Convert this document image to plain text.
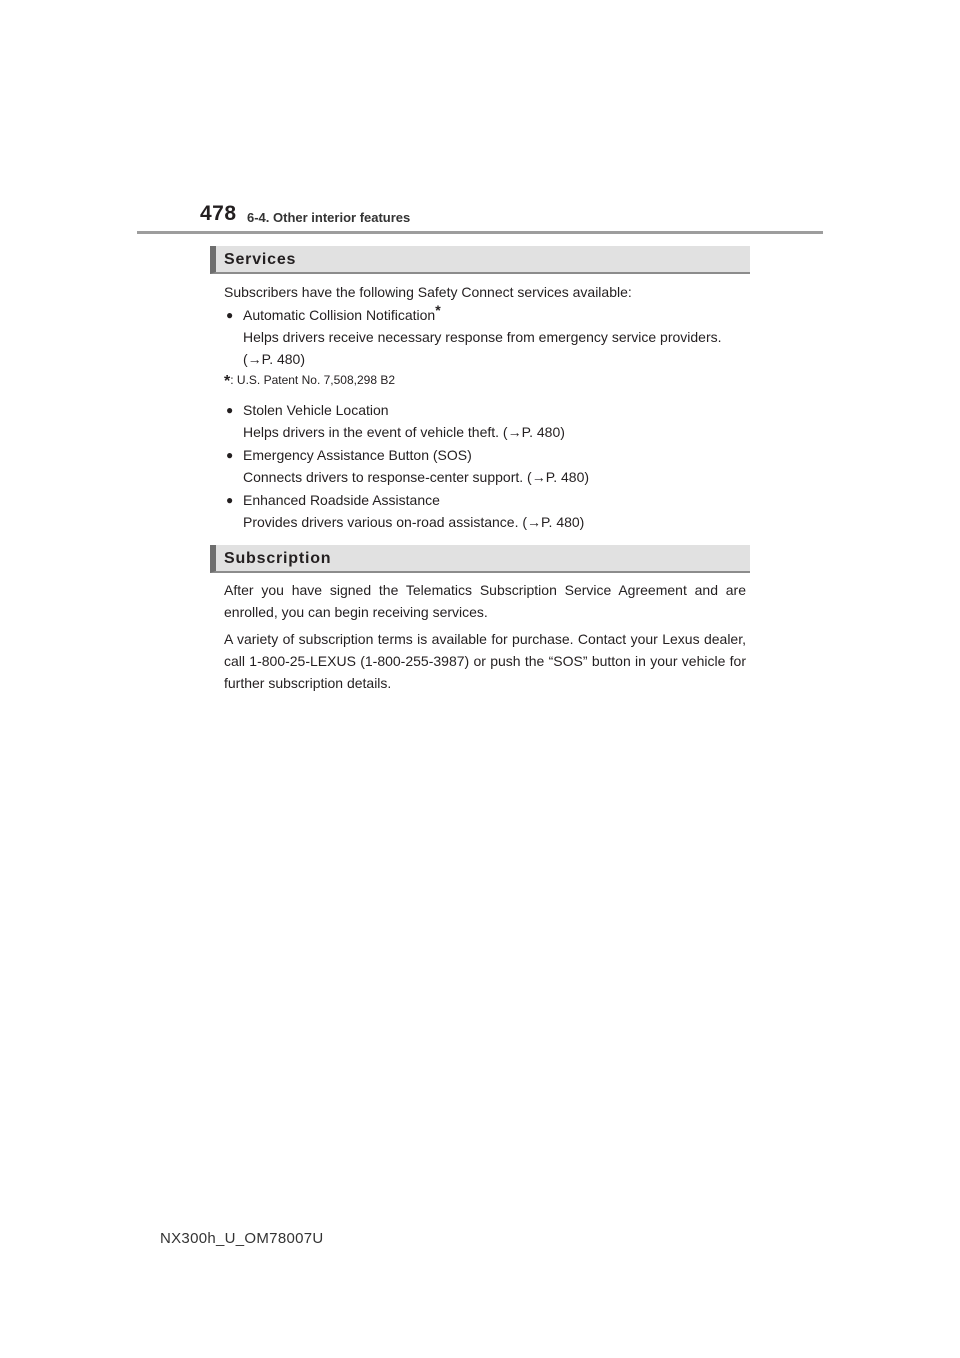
478 6-4. Other interior features
Services
Subscribers have the following Safety Connect services available:
● Automatic Collision Notification*
Helps drivers receive necessary response from emergency service providers.
(→P. 480)
*: U.S. Patent No. 7,508,298 B2
● Stolen Vehicle Location
Helps drivers in the event of vehicle theft. (→P. 480)
● Emergency Assistance Button (SOS)
Connects drivers to response-center support. (→P. 480)
● Enhanced Roadside Assistance
Provides drivers various on-road assistance. (→P. 480)
Subscription
After you have signed the Telematics Subscription Service Agreement and are enrolled, you can begin receiving services.
A variety of subscription terms is available for purchase. Contact your Lexus dealer, call 1-800-25-LEXUS (1-800-255-3987) or push the “SOS” button in your vehicle for further subscription details.
NX300h_U_OM78007U
